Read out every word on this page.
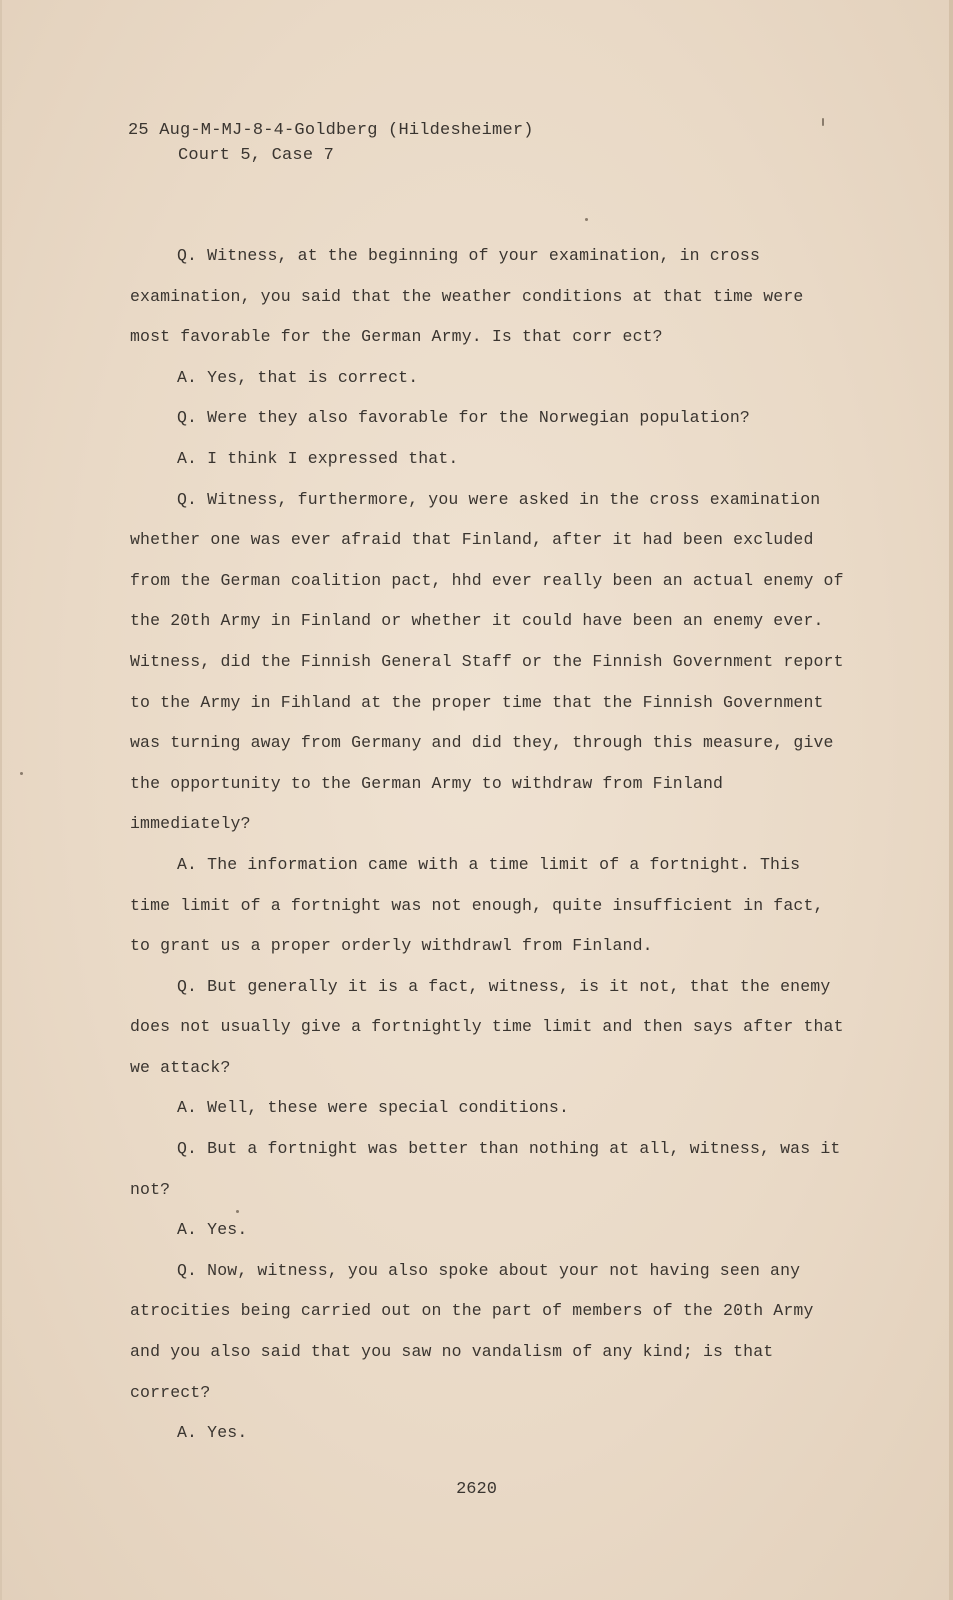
25 Aug-M-MJ-8-4-Goldberg (Hildesheimer)
Court 5, Case 7

Q. Witness, at the beginning of your examination, in cross examination, you said that the weather conditions at that time were most favorable for the German Army. Is that corr ect?

A. Yes, that is correct.

Q. Were they also favorable for the Norwegian population?

A. I think I expressed that.

Q. Witness, furthermore, you were asked in the cross examination whether one was ever afraid that Finland, after it had been excluded from the German coalition pact, hhd ever really been an actual enemy of the 20th Army in Finland or whether it could have been an enemy ever. Witness, did the Finnish General Staff or the Finnish Government report to the Army in Fihland at the proper time that the Finnish Government was turning away from Germany and did they, through this measure, give the opportunity to the German Army to withdraw from Finland immediately?

A. The information came with a time limit of a fortnight. This time limit of a fortnight was not enough, quite insufficient in fact, to grant us a proper orderly withdrawl from Finland.

Q. But generally it is a fact, witness, is it not, that the enemy does not usually give a fortnightly time limit and then says after that we attack?

A. Well, these were special conditions.

Q. But a fortnight was better than nothing at all, witness, was it not?

A. Yes.

Q. Now, witness, you also spoke about your not having seen any atrocities being carried out on the part of members of the 20th Army and you also said that you saw no vandalism of any kind; is that correct?

A. Yes.

2620
